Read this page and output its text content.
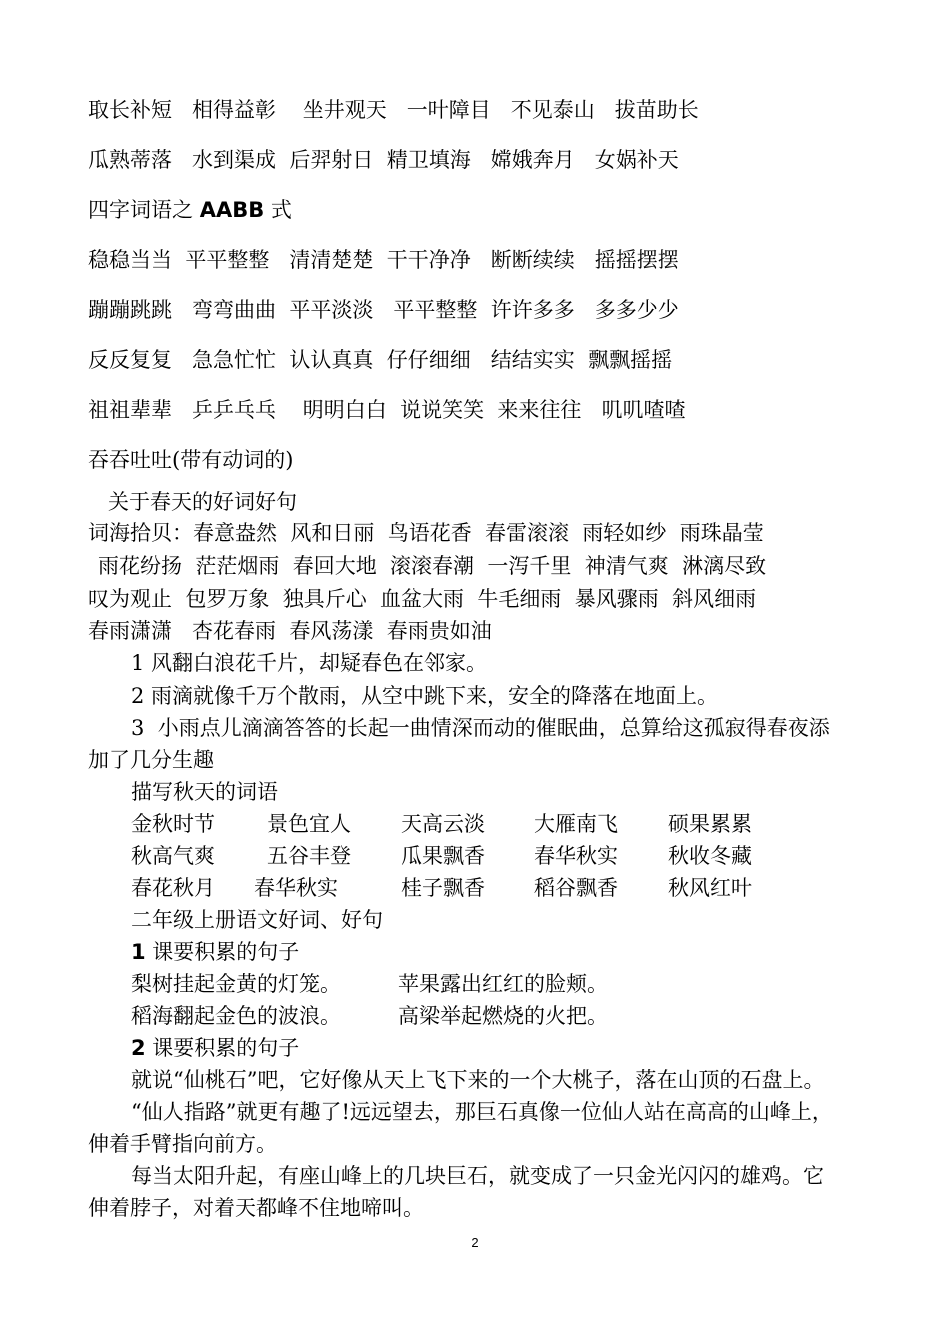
取长补短   相得益彰    坐井观天   一叶障目   不见泰山   拔苗助长
瓜熟蒂落   水到渠成  后羿射日  精卫填海   嫦娥奔月   女娲补天
四字词语之 AABB 式
稳稳当当  平平整整   清清楚楚  干干净净   断断续续   摇摇摆摆
蹦蹦跳跳   弯弯曲曲  平平淡淡   平平整整  许许多多   多多少少
反反复复   急急忙忙  认认真真  仔仔细细   结结实实  飘飘摇摇
祖祖辈辈   乒乒乓乓    明明白白  说说笑笑  来来往往   叽叽喳喳
吞吞吐吐(带有动词的)
关于春天的好词好句
词海拾贝：春意盎然  风和日丽  鸟语花香  春雷滚滚  雨轻如纱  雨珠晶莹
雨花纷扬  茫茫烟雨  春回大地  滚滚春潮  一泻千里  神清气爽  淋漓尽致
叹为观止  包罗万象  独具斤心  血盆大雨  牛毛细雨  暴风骤雨  斜风细雨
春雨潇潇   杏花春雨  春风荡漾  春雨贵如油
1 风翻白浪花千片，却疑春色在邻家。
2 雨滴就像千万个散雨，从空中跳下来，安全的降落在地面上。
3  小雨点儿滴滴答答的长起一曲情深而动的催眠曲，总算给这孤寂得春夜添
加了几分生趣
描写秋天的词语
金秋时节 景色宜人 天高云淡 大雁南飞 硕果累累
秋高气爽 五谷丰登 瓜果飘香 春华秋实 秋收冬藏
春花秋月 春华秋实	桂子飘香 稻谷飘香 秋风红叶
二年级上册语文好词、好句
1 课要积累的句子
梨树挂起金黄的灯笼。	苹果露出红红的脸颊。
稻海翻起金色的波浪。	高梁举起燃烧的火把。
2 课要积累的句子
就说“仙桃石”吧，它好像从天上飞下来的一个大桃子，落在山顶的石盘上。
“仙人指路”就更有趣了!远远望去，那巨石真像一位仙人站在高高的山峰上，
伸着手臂指向前方。
每当太阳升起，有座山峰上的几块巨石，就变成了一只金光闪闪的雄鸡。它
伸着脖子，对着天都峰不住地啼叫。
2
